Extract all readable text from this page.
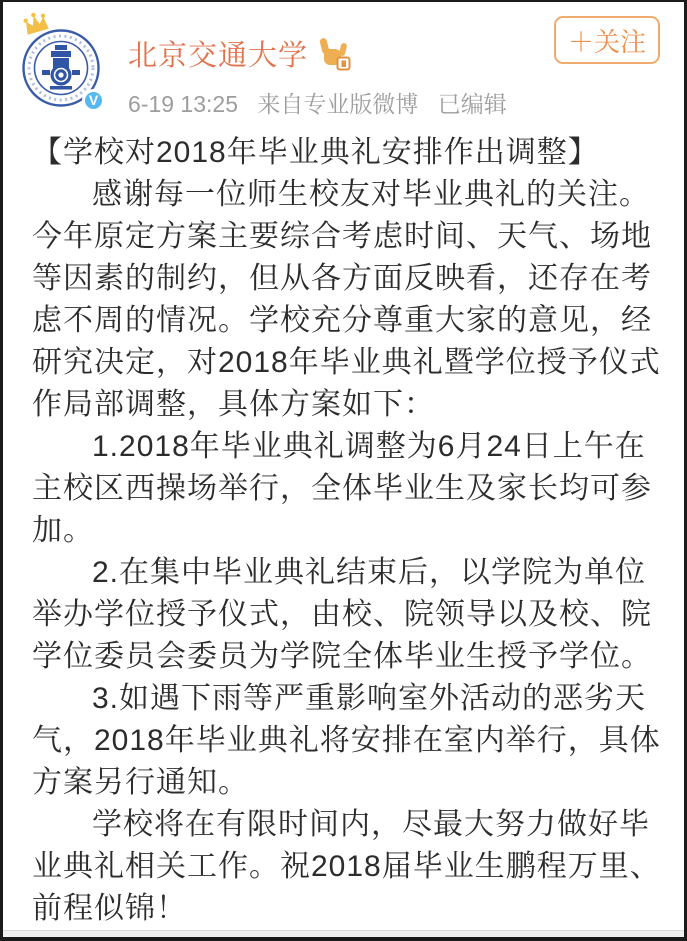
V
北京交通大学
6-19 13:25 来自专业版微博 已编辑
＋关注

【学校对2018年毕业典礼安排作出调整】

感谢每一位师生校友对毕业典礼的关注。
今年原定方案主要综合考虑时间、天气、场地
等因素的制约，但从各方面反映看，还存在考
虑不周的情况。学校充分尊重大家的意见，经
研究决定，对2018年毕业典礼暨学位授予仪式
作局部调整，具体方案如下：

1.2018年毕业典礼调整为6月24日上午在
主校区西操场举行，全体毕业生及家长均可参
加。

2.在集中毕业典礼结束后，以学院为单位
举办学位授予仪式，由校、院领导以及校、院
学位委员会委员为学院全体毕业生授予学位。

3.如遇下雨等严重影响室外活动的恶劣天
气，2018年毕业典礼将安排在室内举行，具体
方案另行通知。

学校将在有限时间内，尽最大努力做好毕
业典礼相关工作。祝2018届毕业生鹏程万里、
前程似锦！
